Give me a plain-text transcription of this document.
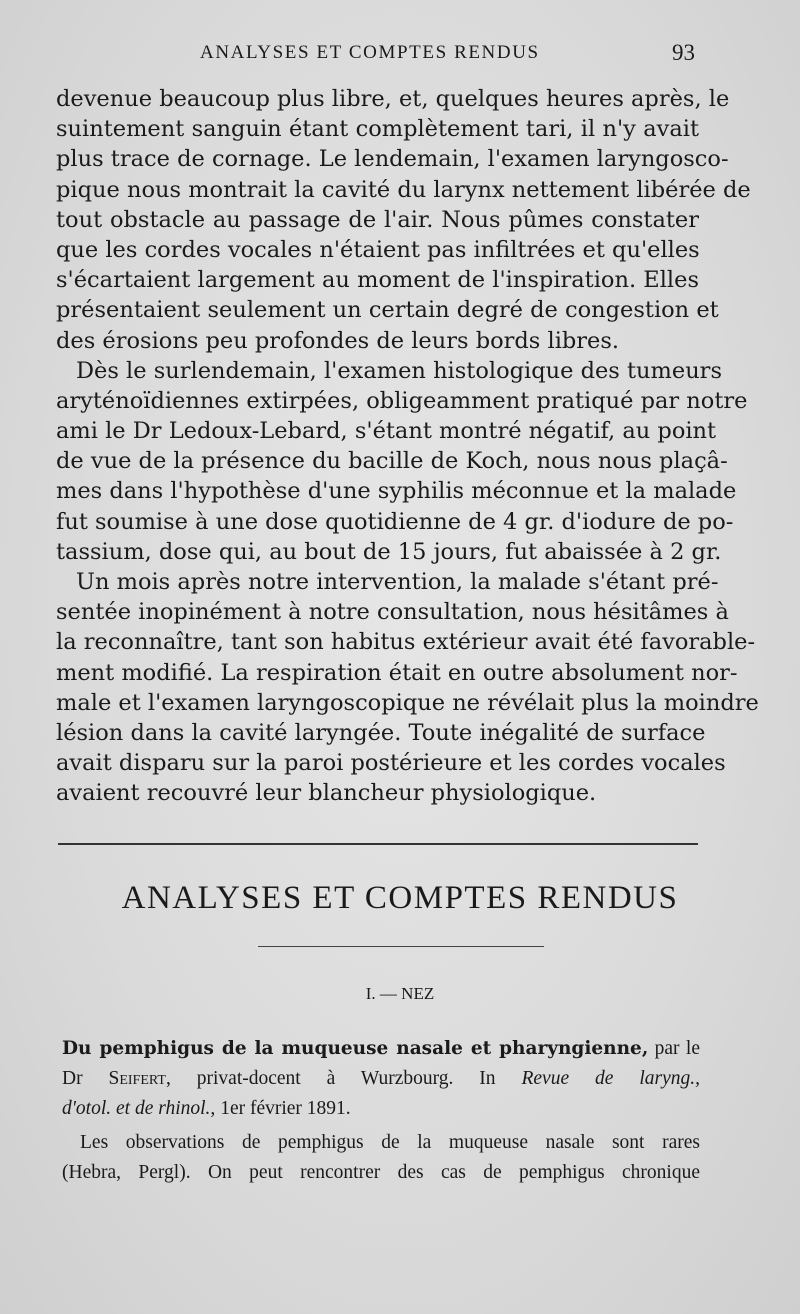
ANALYSES ET COMPTES RENDUS	93
devenue beaucoup plus libre, et, quelques heures après, le
suintement sanguin étant complètement tari, il n'y avait
plus trace de cornage. Le lendemain, l'examen laryngosco-
pique nous montrait la cavité du larynx nettement libérée de
tout obstacle au passage de l'air. Nous pûmes constater
que les cordes vocales n'étaient pas infiltrées et qu'elles
s'écartaient largement au moment de l'inspiration. Elles
présentaient seulement un certain degré de congestion et
des érosions peu profondes de leurs bords libres.
Dès le surlendemain, l'examen histologique des tumeurs
aryténoïdiennes extirpées, obligeamment pratiqué par notre
ami le Dr Ledoux-Lebard, s'étant montré négatif, au point
de vue de la présence du bacille de Koch, nous nous plaçâ-
mes dans l'hypothèse d'une syphilis méconnue et la malade
fut soumise à une dose quotidienne de 4 gr. d'iodure de po-
tassium, dose qui, au bout de 15 jours, fut abaissée à 2 gr.
Un mois après notre intervention, la malade s'étant pré-
sentée inopinément à notre consultation, nous hésitâmes à
la reconnaître, tant son habitus extérieur avait été favorable-
ment modifié. La respiration était en outre absolument nor-
male et l'examen laryngoscopique ne révélait plus la moindre
lésion dans la cavité laryngée. Toute inégalité de surface
avait disparu sur la paroi postérieure et les cordes vocales
avaient recouvré leur blancheur physiologique.
ANALYSES ET COMPTES RENDUS
I. — NEZ
Du pemphigus de la muqueuse nasale et pharyngienne, par le
Dr Seifert, privat-docent à Wurzbourg. In Revue de laryng.,
d'otol. et de rhinol., 1er février 1891.
Les observations de pemphigus de la muqueuse nasale sont rares
(Hebra, Pergl). On peut rencontrer des cas de pemphigus chronique
